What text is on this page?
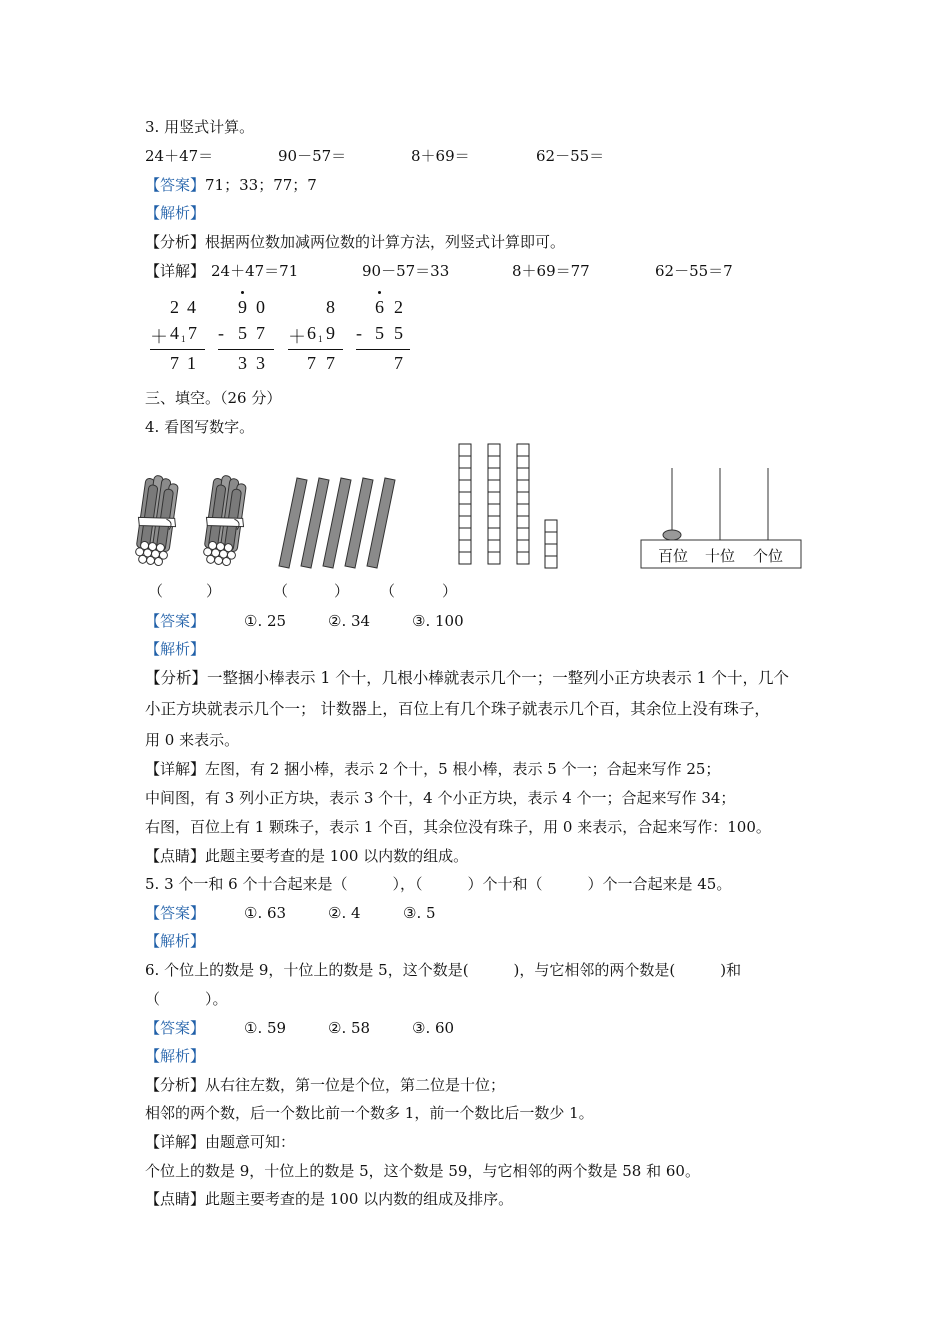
3. 用竖式计算。
24＋47＝	90－57＝	8＋69＝	62－55＝
【答案】71；33；77；7
【解析】
【分析】根据两位数加减两位数的计算方法，列竖式计算即可。
【详解】 24＋47＝71	90－57＝33	8＋69＝77	62－55＝7
2 4
＋ 4 1 7
7 1
9 0
- 5 7
3 3
8
＋ 6 1 9
7 7
6 2
- 5 5
7
三、填空。（26 分）
4. 看图写数字。
百位 十位 个位
（	）	（	） （	）
【答案】	①. 25	②. 34	③. 100
【解析】
【分析】一整捆小棒表示 1 个十，几根小棒就表示几个一；一整列小正方块表示 1 个十，几个
小正方块就表示几个一； 计数器上，百位上有几个珠子就表示几个百，其余位上没有珠子，
用 0 来表示。
【详解】左图，有 2 捆小棒，表示 2 个十，5 根小棒，表示 5 个一；合起来写作 25；
中间图，有 3 列小正方块，表示 3 个十，4 个小正方块，表示 4 个一；合起来写作 34；
右图，百位上有 1 颗珠子，表示 1 个百，其余位没有珠子，用 0 来表示，合起来写作：100。
【点睛】此题主要考查的是 100 以内数的组成。
5. 3 个一和 6 个十合起来是（　　　），（　　　）个十和（　　　）个一合起来是 45。
【答案】	①. 63	②. 4	③. 5
【解析】
6. 个位上的数是 9，十位上的数是 5，这个数是(　　　)，与它相邻的两个数是(　　　)和
（　　　）。
【答案】	①. 59	②. 58	③. 60
【解析】
【分析】从右往左数，第一位是个位，第二位是十位；
相邻的两个数，后一个数比前一个数多 1，前一个数比后一数少 1。
【详解】由题意可知：
个位上的数是 9，十位上的数是 5，这个数是 59，与它相邻的两个数是 58 和 60。
【点睛】此题主要考查的是 100 以内数的组成及排序。
